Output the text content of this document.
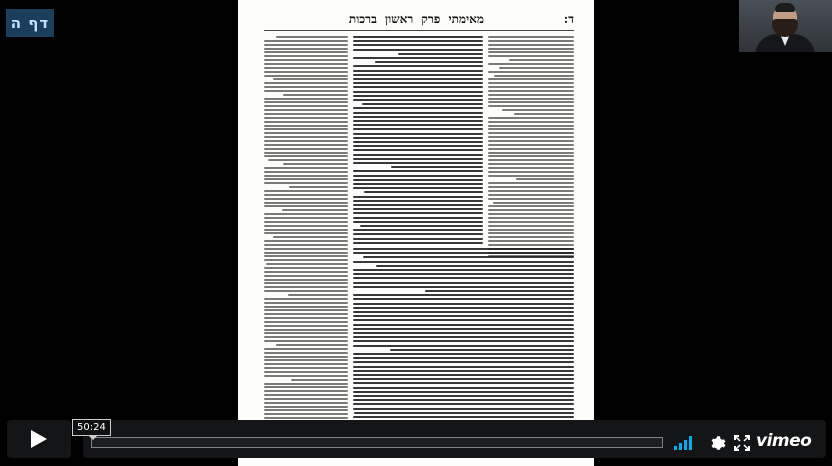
ד:
מאימתי פרק ראשון ברכות
דף ה
50:24
vimeo
